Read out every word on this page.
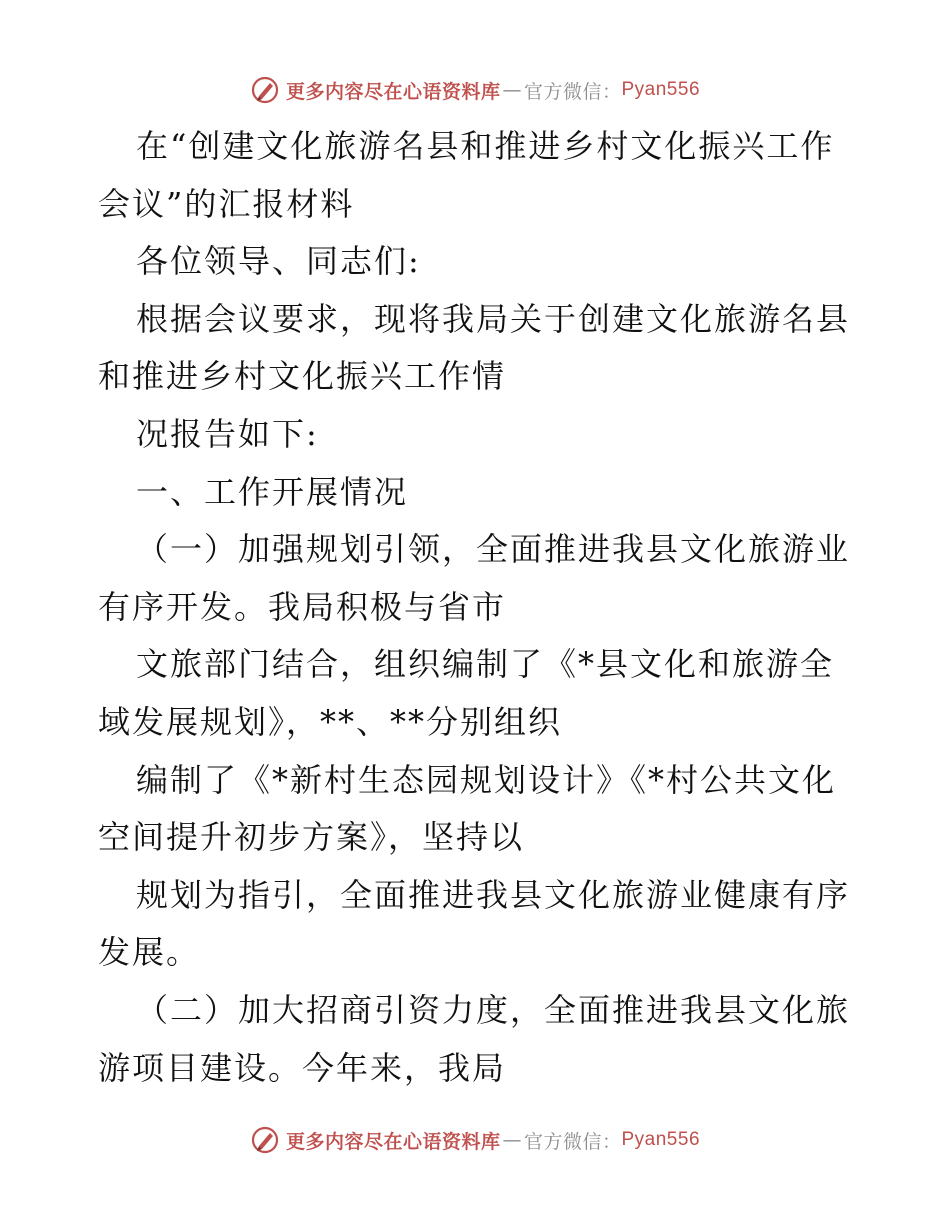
更多内容尽在心语资料库 — 官方微信： Pyan556

在“创建文化旅游名县和推进乡村文化振兴工作

会议”的汇报材料

各位领导、同志们:

根据会议要求，现将我局关于创建文化旅游名县

和推进乡村文化振兴工作情

况报告如下:

一、工作开展情况

（一）加强规划引领，全面推进我县文化旅游业

有序开发。我局积极与省市

文旅部门结合，组织编制了《*县文化和旅游全

域发展规划》，**、**分别组织

编制了《*新村生态园规划设计》《*村公共文化

空间提升初步方案》，坚持以

规划为指引，全面推进我县文化旅游业健康有序

发展。

（二）加大招商引资力度，全面推进我县文化旅

游项目建设。今年来，我局

更多内容尽在心语资料库 — 官方微信： Pyan556
